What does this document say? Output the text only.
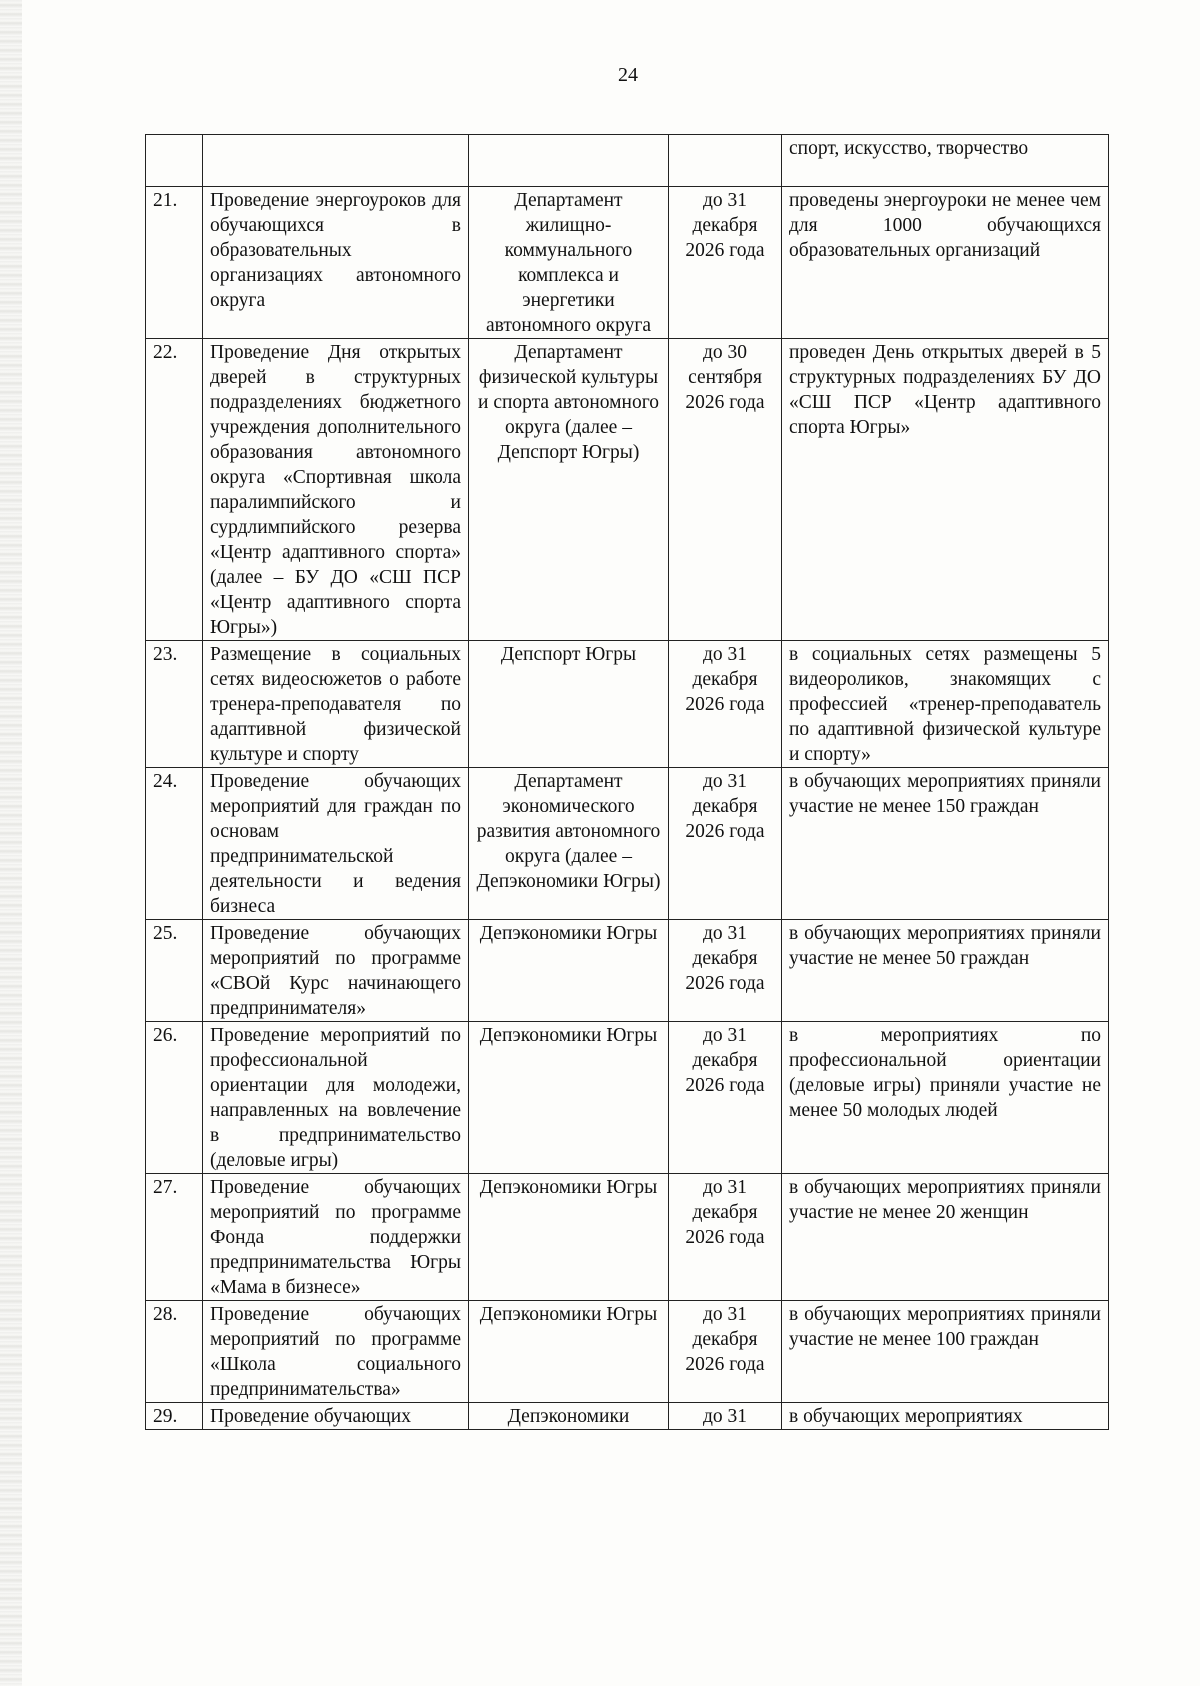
24
				спорт, искусство, творчество
21.	Проведение энергоуроков для обучающихся в образовательных организациях автономного округа	Департамент жилищно-коммунального комплекса и энергетики автономного округа	до 31 декабря 2026 года	проведены энергоуроки не менее чем для 1000 обучающихся образовательных организаций
22.	Проведение Дня открытых дверей в структурных подразделениях бюджетного учреждения дополнительного образования автономного округа «Спортивная школа паралимпийского и сурдлимпийского резерва «Центр адаптивного спорта» (далее – БУ ДО «СШ ПСР «Центр адаптивного спорта Югры»)	Департамент физической культуры и спорта автономного округа (далее – Депспорт Югры)	до 30 сентября 2026 года	проведен День открытых дверей в 5 структурных подразделениях БУ ДО «СШ ПСР «Центр адаптивного спорта Югры»
23.	Размещение в социальных сетях видеосюжетов о работе тренера-преподавателя по адаптивной физической культуре и спорту	Депспорт Югры	до 31 декабря 2026 года	в социальных сетях размещены 5 видеороликов, знакомящих с профессией «тренер-преподаватель по адаптивной физической культуре и спорту»
24.	Проведение обучающих мероприятий для граждан по основам предпринимательской деятельности и ведения бизнеса	Департамент экономического развития автономного округа (далее – Депэкономики Югры)	до 31 декабря 2026 года	в обучающих мероприятиях приняли участие не менее 150 граждан
25.	Проведение обучающих мероприятий по программе «СВОй Курс начинающего предпринимателя»	Депэкономики Югры	до 31 декабря 2026 года	в обучающих мероприятиях приняли участие не менее 50 граждан
26.	Проведение мероприятий по профессиональной ориентации для молодежи, направленных на вовлечение в предпринимательство (деловые игры)	Депэкономики Югры	до 31 декабря 2026 года	в мероприятиях по профессиональной ориентации (деловые игры) приняли участие не менее 50 молодых людей
27.	Проведение обучающих мероприятий по программе Фонда поддержки предпринимательства Югры «Мама в бизнесе»	Депэкономики Югры	до 31 декабря 2026 года	в обучающих мероприятиях приняли участие не менее 20 женщин
28.	Проведение обучающих мероприятий по программе «Школа социального предпринимательства»	Депэкономики Югры	до 31 декабря 2026 года	в обучающих мероприятиях приняли участие не менее 100 граждан
29.	Проведение обучающих	Депэкономики	до 31	в обучающих мероприятиях
